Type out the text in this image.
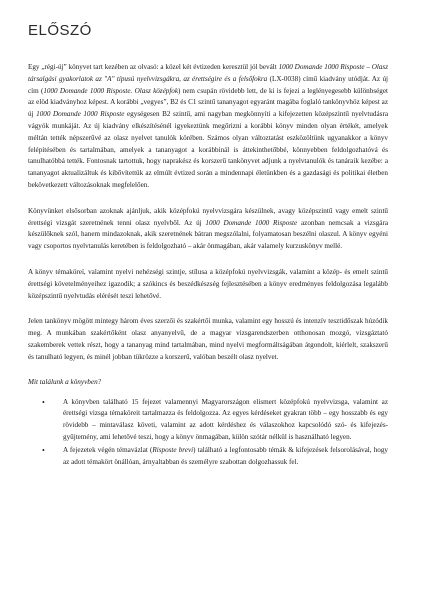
ELŐSZÓ

Egy „régi-új” könyvet tart kezében az olvasó: a közel két évtizeden keresztül jól bevált 1000 Domande 1000 Risposte – Olasz társalgási gyakorlatok az "A" típusú nyelvvizsgákra, az érettségire és a felsőfokra (LX-0038) című kiadvány utódját. Az új cím (1000 Domande 1000 Risposte. Olasz középfok) nem csupán rövidebb lett, de ki is fejezi a leglényegesebb különbséget az elöd kiadványhoz képest. A korábbi „vegyes”, B2 és C1 szintű tananyagot egyaránt magába foglaló tankönyvhöz képest az új 1000 Domande 1000 Risposte egységesen B2 szintű, ami nagyban megkönnyíti a kifejezetten középszintű nyelvtudásra vágyók munkáját. Az új kiadvány elkészítésénél igyekeztünk megőrizni a korábbi könyv minden olyan értékét, amelyek méltán tették népszerűvé az olasz nyelvet tanulók körében. Számos olyan változtatást eszközöltünk ugyanakkor a könyv felépítésében és tartalmában, amelyek a tananyagot a korábbinál is áttekinthetőbbé, könnyebben feldolgozhatóvá és tanulhatóbbá tették. Fontosnak tartottuk, hogy naprakész és korszerű tankönyvet adjunk a nyelvtanulók és tanáraik kezébe: a tananyagot aktualizáltuk és kibővítettük az elmúlt évtized során a mindennapi életünkben és a gazdasági és politikai életben bekövetkezett változásoknak megfelelően.

Könyvünket elsősorban azoknak ajánljuk, akik középfokú nyelvvizsgára készülnek, avagy középszintű vagy emelt szintű érettségi vizsgát szeretnének tenni olasz nyelvből. Az új 1000 Domande 1000 Risposte azonban nemcsak a vizsgára készülőknek szól, hanem mindazoknak, akik szeretnének bátran megszólalni, folyamatosan beszélni olaszul. A könyv egyéni vagy csoportos nyelvtanulás keretében is feldolgozható – akár önmagában, akár valamely kurzuskönyv mellé.

A könyv témaköreí, valamint nyelvi nehézségi szintje, stílusa a középfokú nyelvvizsgák, valamint a közép- és emelt szintű érettségi követelményeihez igazodik; a szókincs és beszédkészség fejlesztésében a könyv eredményes feldolgozása legalább középszintű nyelvtudás elérését teszi lehetővé.

Jelen tankönyv mögött mintegy három éves szerzői és szakértői munka, valamint egy hosszú és intenzív tesztidőszak húzódik meg. A munkában szakértőként olasz anyanyelvű, de a magyar vizsgarendszerben otthonosan mozgó, vizsgáztató szakemberek vettek részt, hogy a tananyag mind tartalmában, mind nyelvi megformáltságában átgondolt, kiérlelt, szakszerű és tanulható legyen, és minél jobban tükrözze a korszerű, valóban beszélt olasz nyelvet.

Mit találunk a könyvben?

•	A könyvben található 15 fejezet valamennyi Magyarországon elismert középfokú nyelvvizsga, valamint az érettségi vizsga témaköreit tartalmazza és feldolgozza. Az egyes kérdéseket gyakran több – egy hosszabb és egy rövidebb – mintaválasz követi, valamint az adott kérdéshez és válaszokhoz kapcsolódó szó- és kifejezés-gyűjtemény, ami lehetővé teszi, hogy a könyv önmagában, külön szótár nélkül is használható legyen.
•	A fejezetek végén témavázlat (Risposte brevi) található a legfontosabb témák & kifejezések felsorolásával, hogy az adott témakört önállóan, árnyaltabban és személyre szabottan dolgozhassuk fel.
